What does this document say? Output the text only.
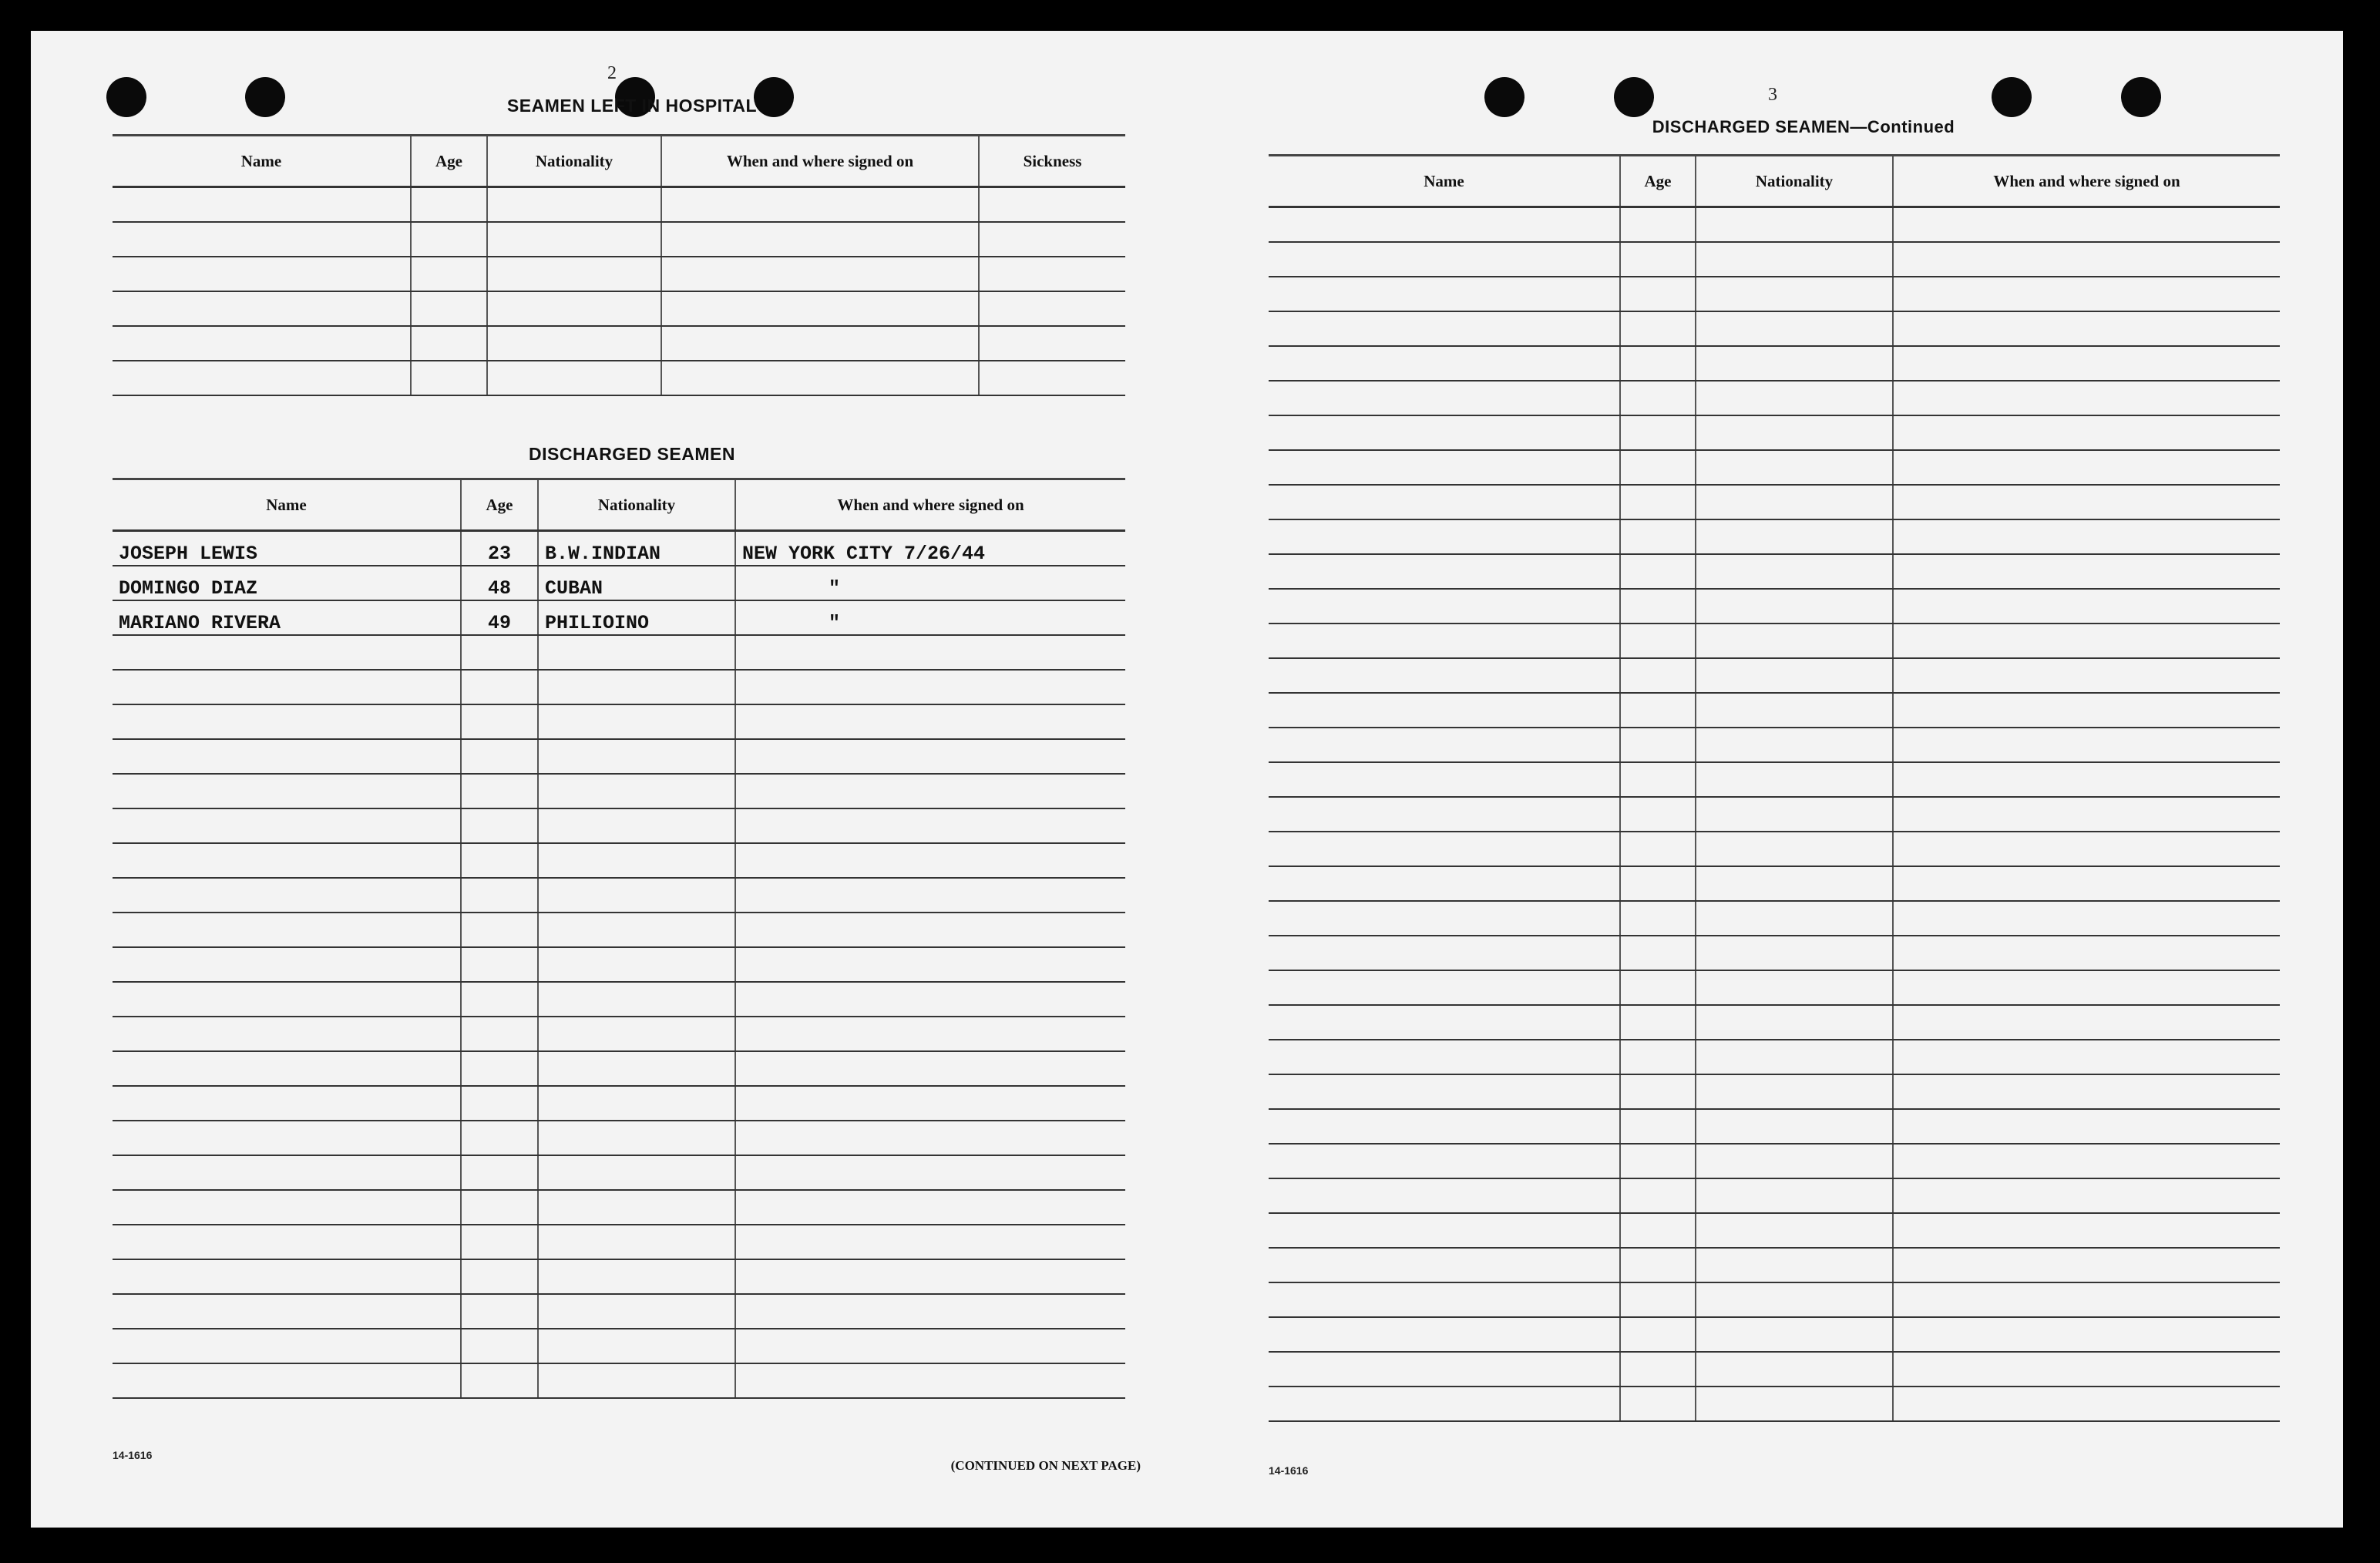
2
SEAMEN LEFT IN HOSPITAL
Name	Age	Nationality	When and where signed on	Sickness

DISCHARGED SEAMEN
Name	Age	Nationality	When and where signed on
JOSEPH LEWIS	23	B.W.INDIAN	NEW YORK CITY 7/26/44
DOMINGO DIAZ	48	CUBAN	"
MARIANO RIVERA	49	PHILIOINO	"

14-1616
(CONTINUED ON NEXT PAGE)
3
DISCHARGED SEAMEN—Continued
Name	Age	Nationality	When and where signed on

14-1616
